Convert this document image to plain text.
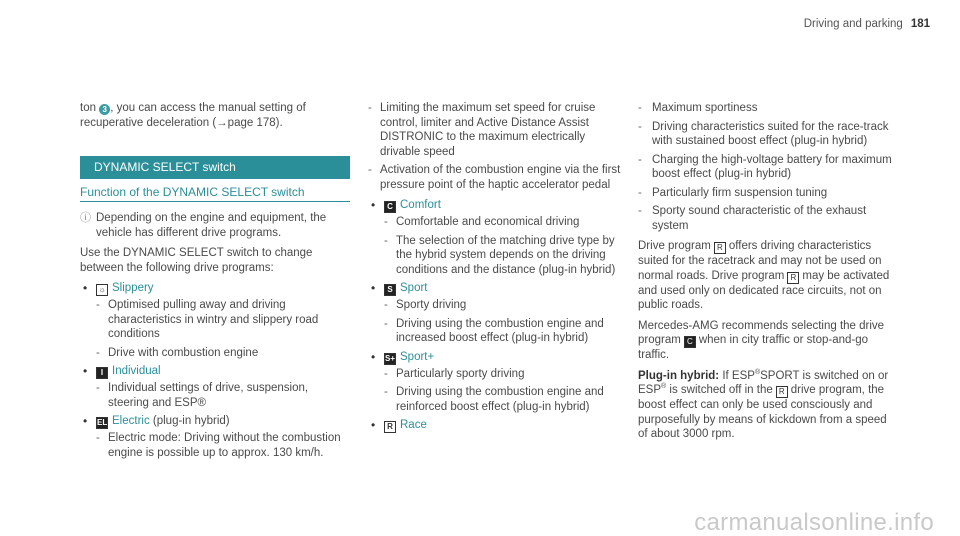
Driving and parking 181

ton 3 , you can access the manual setting of recuperative deceleration (→page 178).

DYNAMIC SELECT switch
Function of the DYNAMIC SELECT switch
ⓘ Depending on the engine and equipment, the vehicle has different drive programs.

Use the DYNAMIC SELECT switch to change between the following drive programs:

• ☼ Slippery
- Optimised pulling away and driving characteristics in wintry and slippery road conditions
- Drive with combustion engine
• I Individual
- Individual settings of drive, suspension, steering and ESP®
• EL Electric (plug-in hybrid)
- Electric mode: Driving without the combustion engine is possible up to approx. 130 km/h.
- Limiting the maximum set speed for cruise control, limiter and Active Distance Assist DISTRONIC to the maximum electrically drivable speed
- Activation of the combustion engine via the first pressure point of the haptic accelerator pedal
• C Comfort
- Comfortable and economical driving
- The selection of the matching drive type by the hybrid system depends on the driving conditions and the distance (plug-in hybrid)
• S Sport
- Sporty driving
- Driving using the combustion engine and increased boost effect (plug-in hybrid)
• S+ Sport+
- Particularly sporty driving
- Driving using the combustion engine and reinforced boost effect (plug-in hybrid)
• R Race
- Maximum sportiness
- Driving characteristics suited for the race-track with sustained boost effect (plug-in hybrid)
- Charging the high-voltage battery for maximum boost effect (plug-in hybrid)
- Particularly firm suspension tuning
- Sporty sound characteristic of the exhaust system

Drive program R offers driving characteristics suited for the racetrack and may not be used on normal roads. Drive program R may be activated and used only on dedicated race circuits, not on public roads.

Mercedes-AMG recommends selecting the drive program C when in city traffic or stop-and-go traffic.

Plug-in hybrid: If ESP®SPORT is switched on or ESP® is switched off in the R drive program, the boost effect can only be used consciously and purposefully by means of kickdown from a speed of about 3000 rpm.

carmanualsonline.info
